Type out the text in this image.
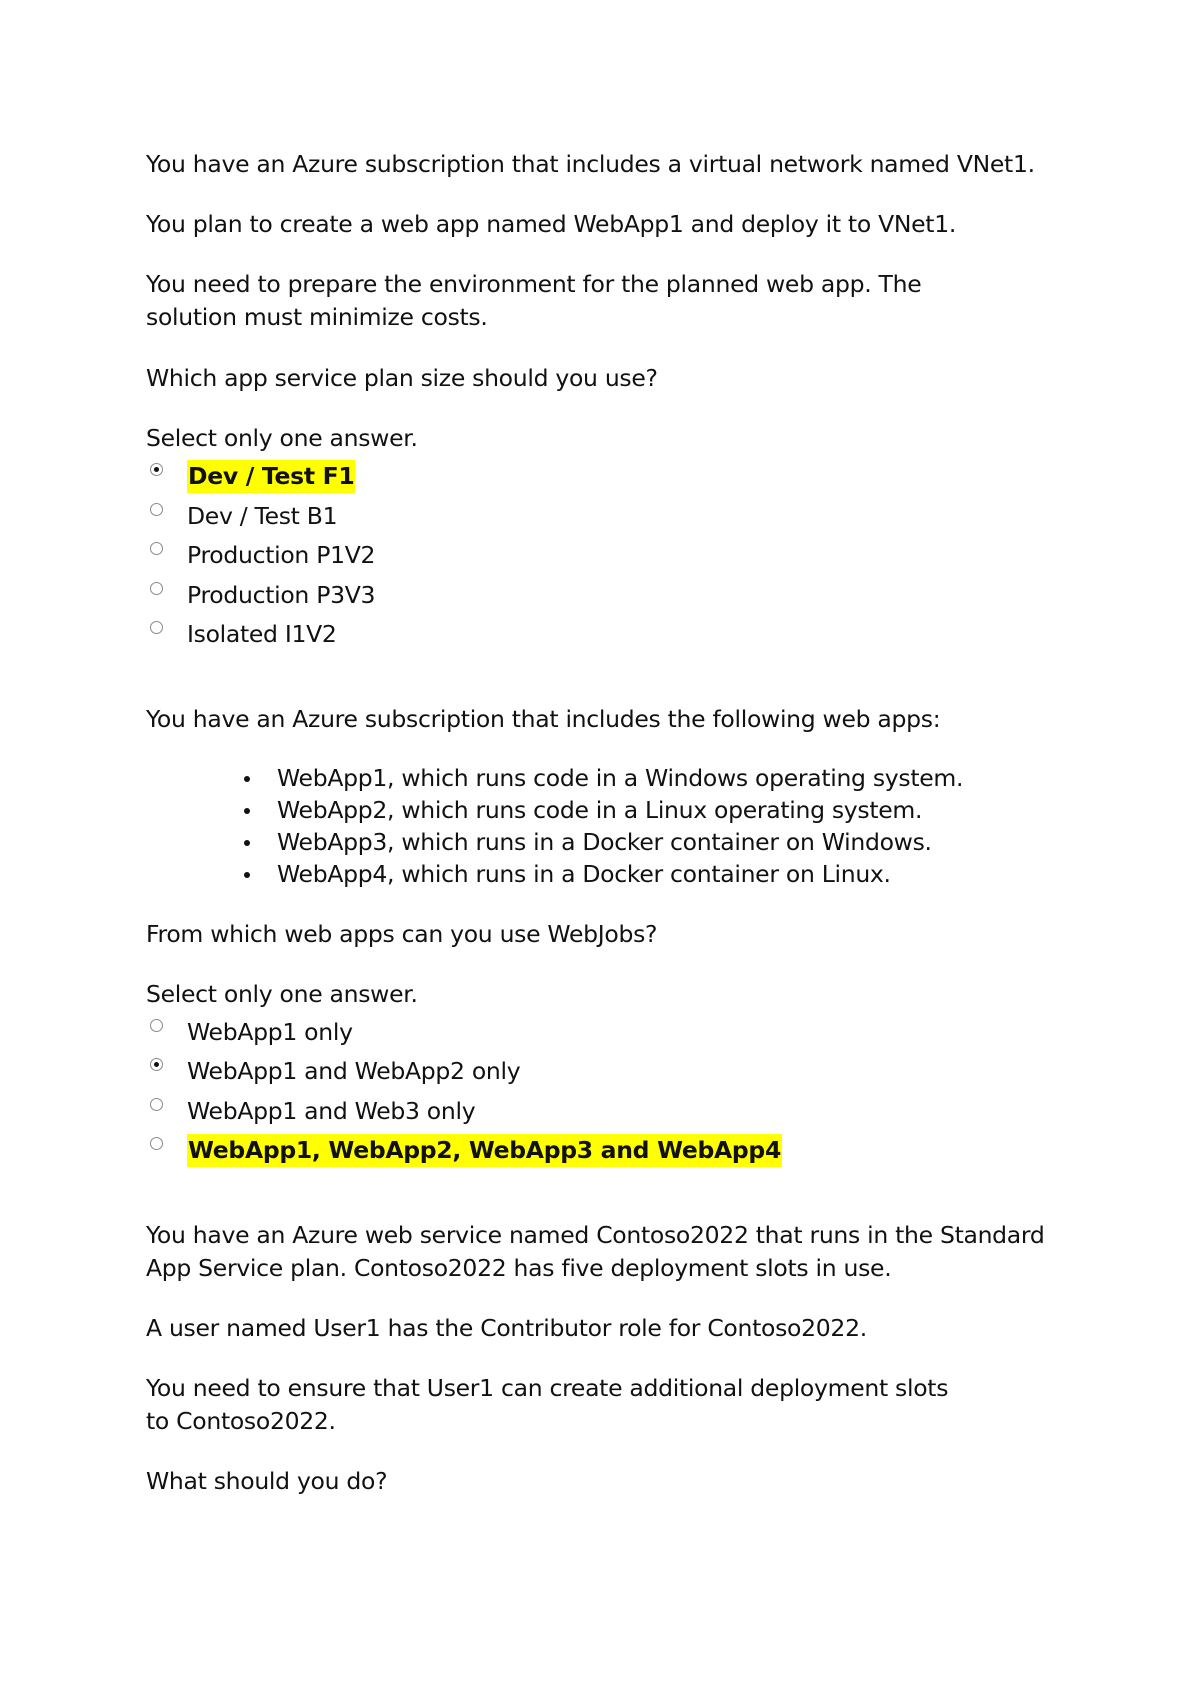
You have an Azure subscription that includes a virtual network named VNet1.

You plan to create a web app named WebApp1 and deploy it to VNet1.

You need to prepare the environment for the planned web app. The solution must minimize costs.

Which app service plan size should you use?

Select only one answer.

Dev / Test F1
Dev / Test B1
Production P1V2
Production P3V3
Isolated I1V2

You have an Azure subscription that includes the following web apps:

WebApp1, which runs code in a Windows operating system.
WebApp2, which runs code in a Linux operating system.
WebApp3, which runs in a Docker container on Windows.
WebApp4, which runs in a Docker container on Linux.

From which web apps can you use WebJobs?

Select only one answer.

WebApp1 only
WebApp1 and WebApp2 only
WebApp1 and Web3 only
WebApp1, WebApp2, WebApp3 and WebApp4

You have an Azure web service named Contoso2022 that runs in the Standard App Service plan. Contoso2022 has five deployment slots in use.

A user named User1 has the Contributor role for Contoso2022.

You need to ensure that User1 can create additional deployment slots to Contoso2022.

What should you do?
